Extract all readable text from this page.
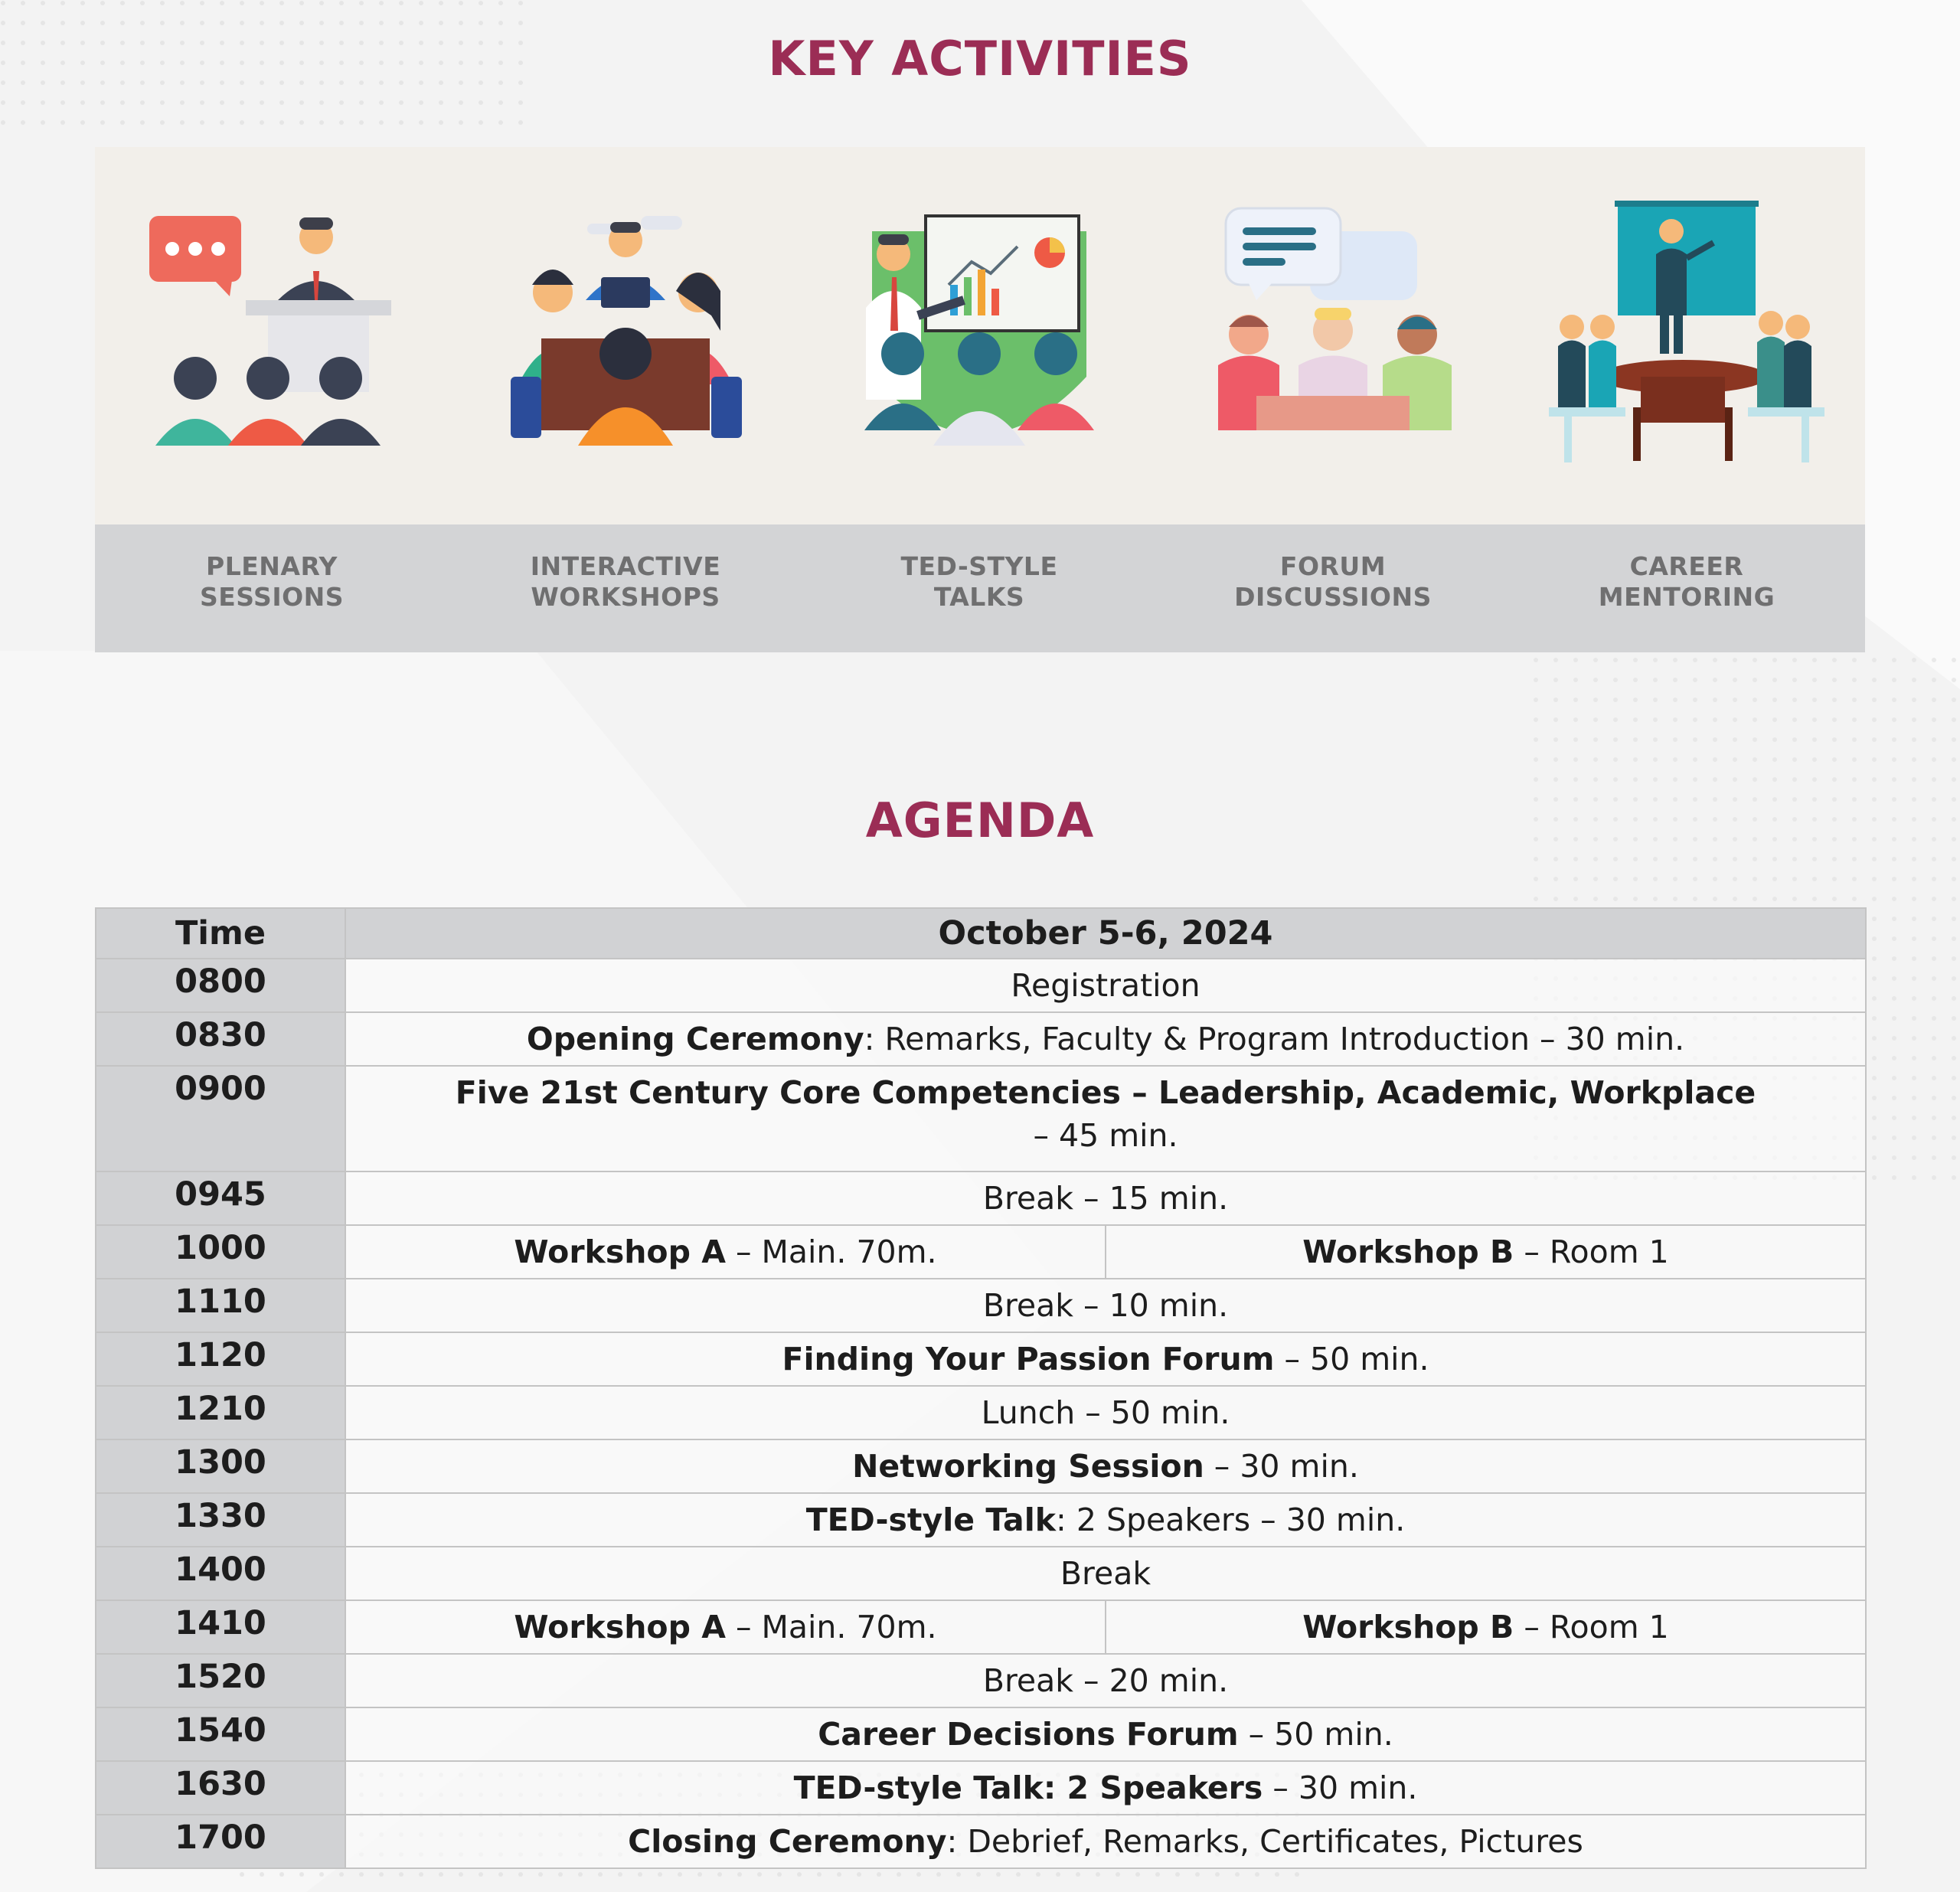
KEY ACTIVITIES
PLENARY
SESSIONS
INTERACTIVE
WORKSHOPS
TED-STYLE
TALKS
FORUM
DISCUSSIONS
CAREER
MENTORING
AGENDA
Time	October 5-6, 2024	
0800	Registration	
0830	Opening Ceremony: Remarks, Faculty & Program Introduction – 30 min.	
0900	Five 21st Century Core Competencies – Leadership, Academic, Workplace
– 45 min.	
0945	Break – 15 min.	
1000	Workshop A – Main. 70m.	Workshop B – Room 1
1110	Break – 10 min.	
1120	Finding Your Passion Forum – 50 min.	
1210	Lunch – 50 min.	
1300	Networking Session – 30 min.	
1330	TED-style Talk: 2 Speakers – 30 min.	
1400	Break	
1410	Workshop A – Main. 70m.	Workshop B – Room 1
1520	Break – 20 min.	
1540	Career Decisions Forum – 50 min.	
1630	TED-style Talk: 2 Speakers – 30 min.	
1700	Closing Ceremony: Debrief, Remarks, Certificates, Pictures	
